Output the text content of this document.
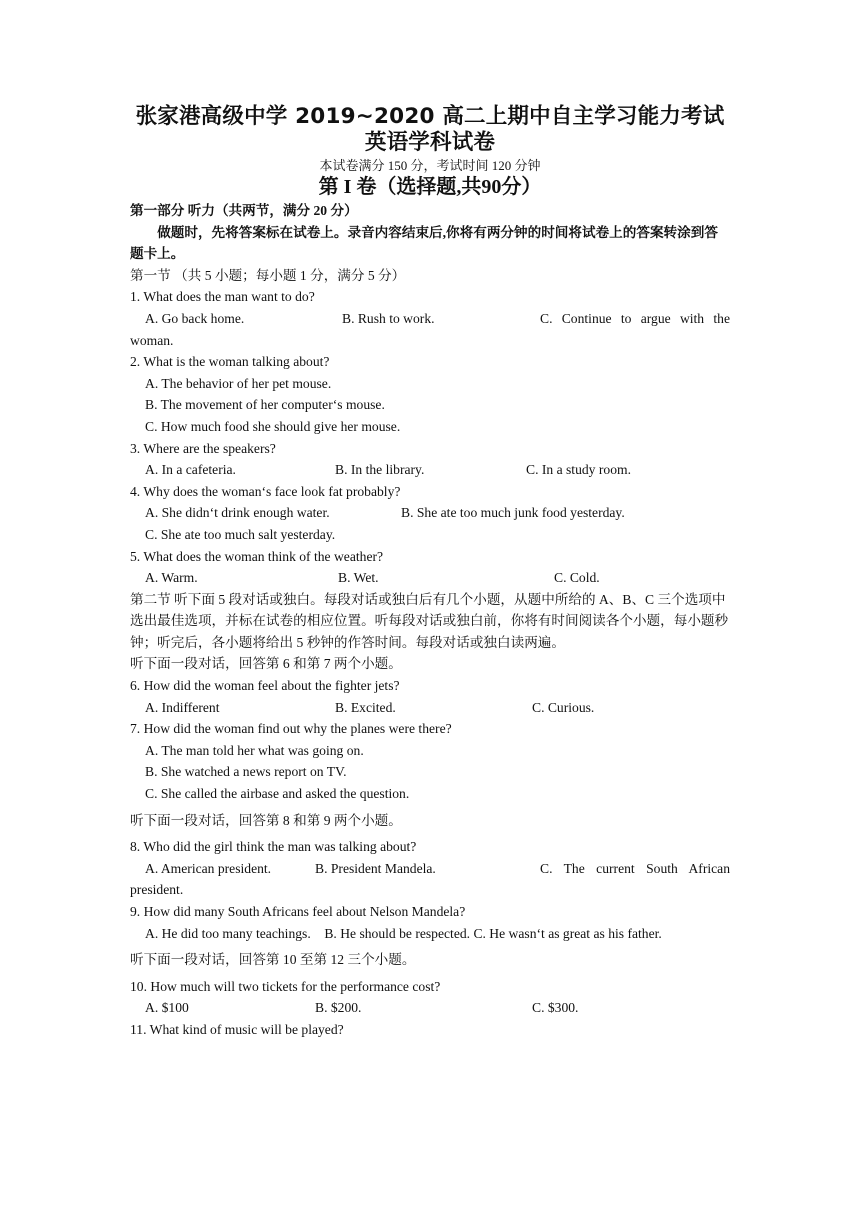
张家港高级中学 2019~2020 高二上期中自主学习能力考试
英语学科试卷
本试卷满分 150 分，考试时间 120 分钟
第 I 卷（选择题,共90分）
第一部分 听力（共两节，满分 20 分）
做题时，先将答案标在试卷上。录音内容结束后,你将有两分钟的时间将试卷上的答案转涂到答题卡上。
第一节 （共 5 小题；每小题 1 分，满分 5 分）
1. What does the man want to do?
A. Go back home.	B. Rush to work.	C. Continue to argue with the
woman.
2. What is the woman talking about?
A. The behavior of her pet mouse.
B. The movement of her computer‘s mouse.
C. How much food she should give her mouse.
3. Where are the speakers?
A. In a cafeteria.	B. In the library.	C. In a study room.
4. Why does the woman‘s face look fat probably?
A. She didn‘t drink enough water.	B. She ate too much junk food yesterday.
C. She ate too much salt yesterday.
5. What does the woman think of the weather?
A. Warm.	B. Wet.	C. Cold.
第二节 听下面 5 段对话或独白。每段对话或独白后有几个小题，从题中所给的 A、B、C 三个选项中
选出最佳选项，并标在试卷的相应位置。听每段对话或独白前，你将有时间阅读各个小题，每小题秒
钟；听完后，各小题将给出 5 秒钟的作答时间。每段对话或独白读两遍。
听下面一段对话，回答第 6 和第 7 两个小题。
6. How did the woman feel about the fighter jets?
A. Indifferent	B. Excited.	C. Curious.
7. How did the woman find out why the planes were there?
A. The man told her what was going on.
B. She watched a news report on TV.
C. She called the airbase and asked the question.
听下面一段对话，回答第 8 和第 9 两个小题。
8. Who did the girl think the man was talking about?
A. American president.	B. President Mandela.	C. The current South African
president.
9. How did many South Africans feel about Nelson Mandela?
A. He did too many teachings.    B. He should be respected. C. He wasn‘t as great as his father.
听下面一段对话，回答第 10 至第 12 三个小题。
10. How much will two tickets for the performance cost?
A. $100	B. $200.	C. $300.
11. What kind of music will be played?
